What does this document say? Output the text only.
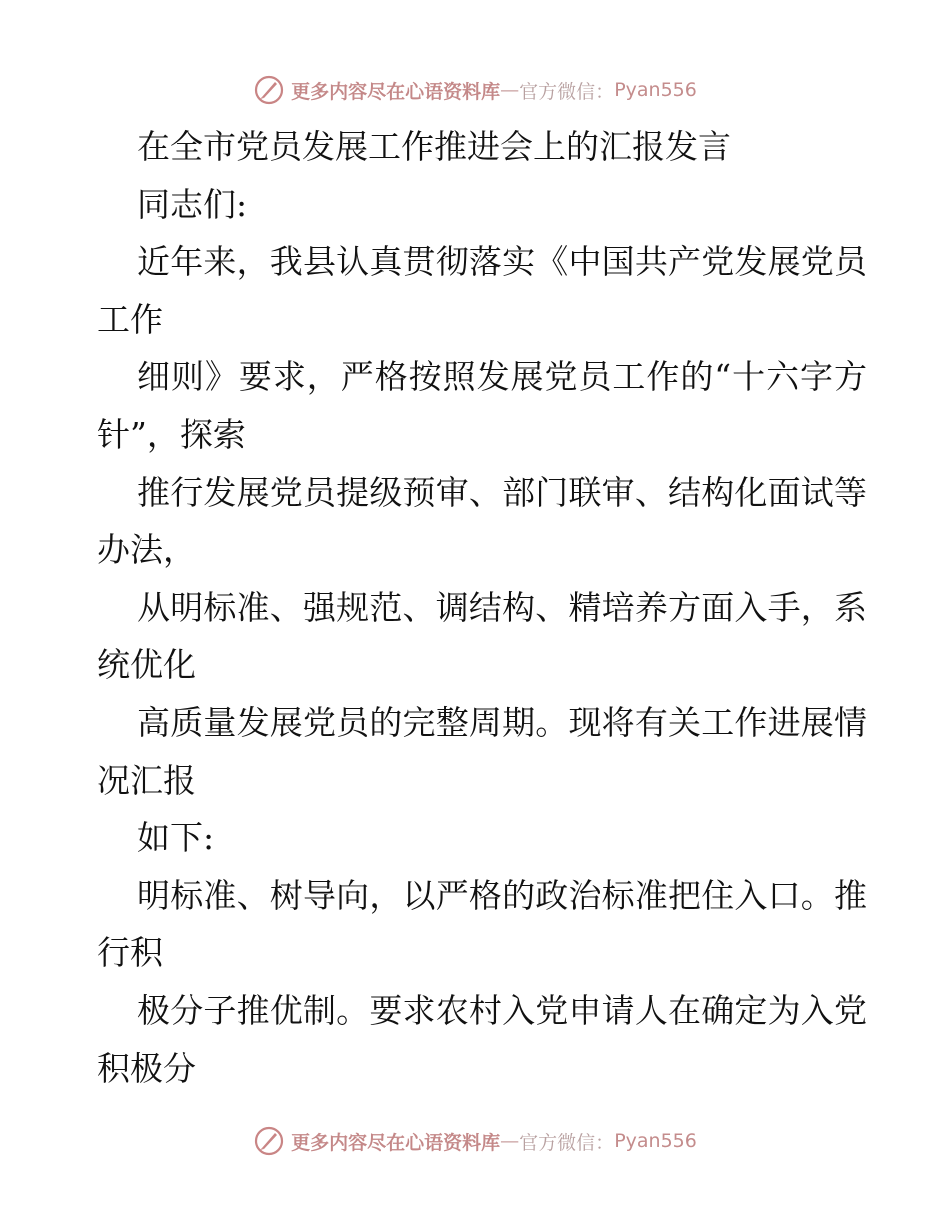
更多内容尽在心语资料库 — 官方微信： Pyan556

在全市党员发展工作推进会上的汇报发言

同志们:

近年来，我县认真贯彻落实《中国共产党发展党员工作

细则》要求，严格按照发展党员工作的“十六字方针”，探索

推行发展党员提级预审、部门联审、结构化面试等办法，

从明标准、强规范、调结构、精培养方面入手，系统优化

高质量发展党员的完整周期。现将有关工作进展情况汇报

如下:

明标准、树导向，以严格的政治标准把住入口。推行积

极分子推优制。要求农村入党申请人在确定为入党积极分

更多内容尽在心语资料库 — 官方微信： Pyan556
